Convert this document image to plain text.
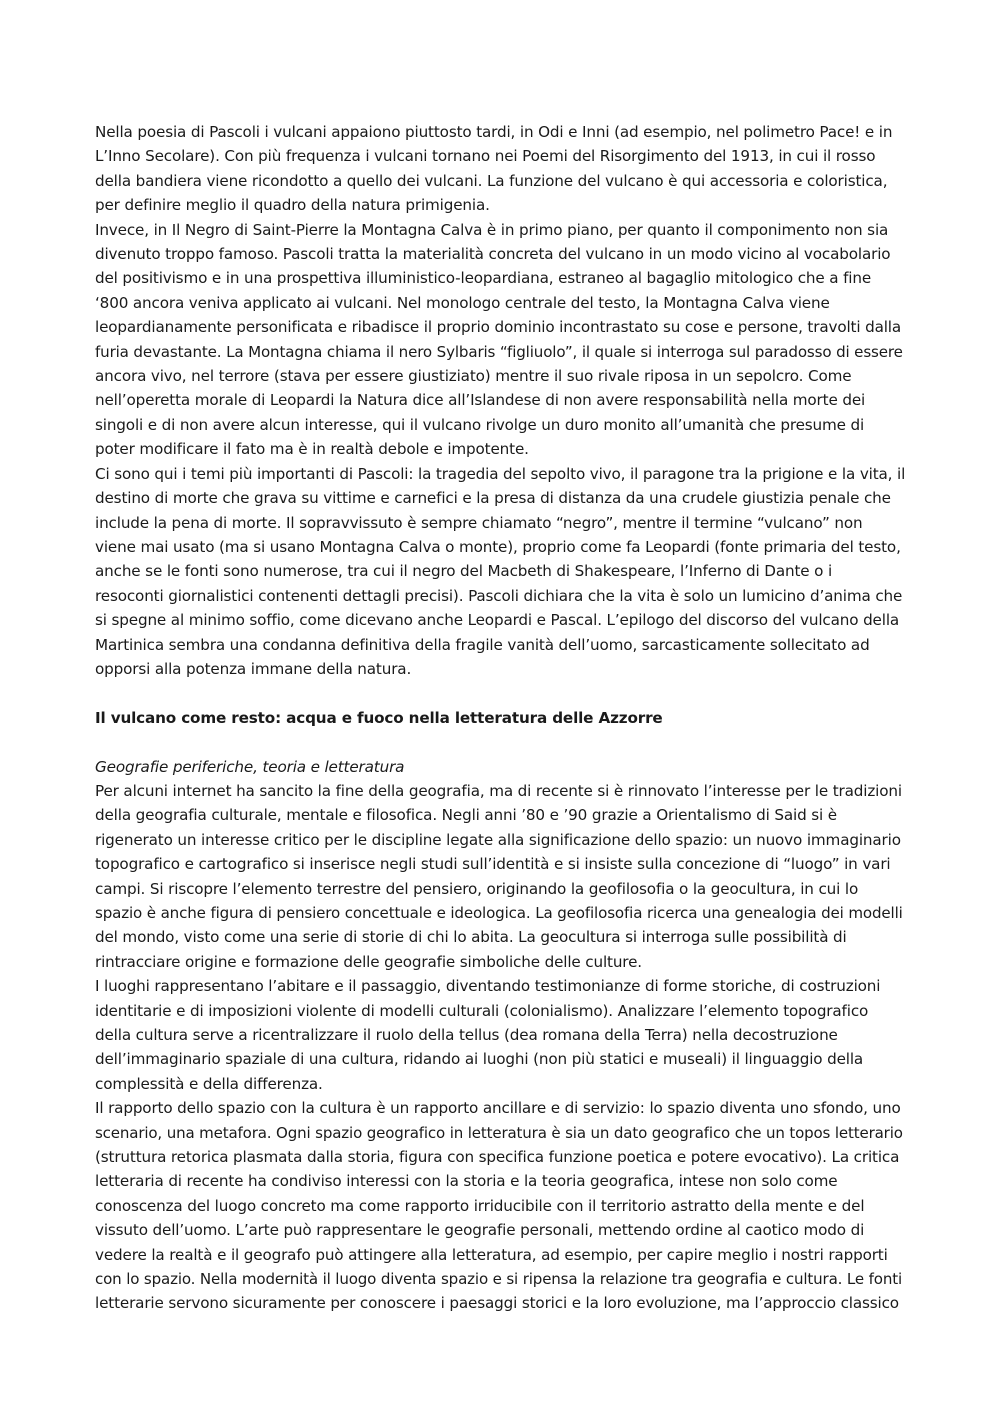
Nella poesia di Pascoli i vulcani appaiono piuttosto tardi, in Odi e Inni (ad esempio, nel polimetro Pace! e in
L’Inno Secolare). Con più frequenza i vulcani tornano nei Poemi del Risorgimento del 1913, in cui il rosso
della bandiera viene ricondotto a quello dei vulcani. La funzione del vulcano è qui accessoria e coloristica,
per definire meglio il quadro della natura primigenia.
Invece, in Il Negro di Saint-Pierre la Montagna Calva è in primo piano, per quanto il componimento non sia
divenuto troppo famoso. Pascoli tratta la materialità concreta del vulcano in un modo vicino al vocabolario
del positivismo e in una prospettiva illuministico-leopardiana, estraneo al bagaglio mitologico che a fine
‘800 ancora veniva applicato ai vulcani. Nel monologo centrale del testo, la Montagna Calva viene
leopardianamente personificata e ribadisce il proprio dominio incontrastato su cose e persone, travolti dalla
furia devastante. La Montagna chiama il nero Sylbaris “figliuolo”, il quale si interroga sul paradosso di essere
ancora vivo, nel terrore (stava per essere giustiziato) mentre il suo rivale riposa in un sepolcro. Come
nell’operetta morale di Leopardi la Natura dice all’Islandese di non avere responsabilità nella morte dei
singoli e di non avere alcun interesse, qui il vulcano rivolge un duro monito all’umanità che presume di
poter modificare il fato ma è in realtà debole e impotente.
Ci sono qui i temi più importanti di Pascoli: la tragedia del sepolto vivo, il paragone tra la prigione e la vita, il
destino di morte che grava su vittime e carnefici e la presa di distanza da una crudele giustizia penale che
include la pena di morte. Il sopravvissuto è sempre chiamato “negro”, mentre il termine “vulcano” non
viene mai usato (ma si usano Montagna Calva o monte), proprio come fa Leopardi (fonte primaria del testo,
anche se le fonti sono numerose, tra cui il negro del Macbeth di Shakespeare, l’Inferno di Dante o i
resoconti giornalistici contenenti dettagli precisi). Pascoli dichiara che la vita è solo un lumicino d’anima che
si spegne al minimo soffio, come dicevano anche Leopardi e Pascal. L’epilogo del discorso del vulcano della
Martinica sembra una condanna definitiva della fragile vanità dell’uomo, sarcasticamente sollecitato ad
opporsi alla potenza immane della natura.
Il vulcano come resto: acqua e fuoco nella letteratura delle Azzorre
Geografie periferiche, teoria e letteratura
Per alcuni internet ha sancito la fine della geografia, ma di recente si è rinnovato l’interesse per le tradizioni
della geografia culturale, mentale e filosofica. Negli anni ’80 e ’90 grazie a Orientalismo di Said si è
rigenerato un interesse critico per le discipline legate alla significazione dello spazio: un nuovo immaginario
topografico e cartografico si inserisce negli studi sull’identità e si insiste sulla concezione di “luogo” in vari
campi. Si riscopre l’elemento terrestre del pensiero, originando la geofilosofia o la geocultura, in cui lo
spazio è anche figura di pensiero concettuale e ideologica. La geofilosofia ricerca una genealogia dei modelli
del mondo, visto come una serie di storie di chi lo abita. La geocultura si interroga sulle possibilità di
rintracciare origine e formazione delle geografie simboliche delle culture.
I luoghi rappresentano l’abitare e il passaggio, diventando testimonianze di forme storiche, di costruzioni
identitarie e di imposizioni violente di modelli culturali (colonialismo). Analizzare l’elemento topografico
della cultura serve a ricentralizzare il ruolo della tellus (dea romana della Terra) nella decostruzione
dell’immaginario spaziale di una cultura, ridando ai luoghi (non più statici e museali) il linguaggio della
complessità e della differenza.
Il rapporto dello spazio con la cultura è un rapporto ancillare e di servizio: lo spazio diventa uno sfondo, uno
scenario, una metafora. Ogni spazio geografico in letteratura è sia un dato geografico che un topos letterario
(struttura retorica plasmata dalla storia, figura con specifica funzione poetica e potere evocativo). La critica
letteraria di recente ha condiviso interessi con la storia e la teoria geografica, intese non solo come
conoscenza del luogo concreto ma come rapporto irriducibile con il territorio astratto della mente e del
vissuto dell’uomo. L’arte può rappresentare le geografie personali, mettendo ordine al caotico modo di
vedere la realtà e il geografo può attingere alla letteratura, ad esempio, per capire meglio i nostri rapporti
con lo spazio. Nella modernità il luogo diventa spazio e si ripensa la relazione tra geografia e cultura. Le fonti
letterarie servono sicuramente per conoscere i paesaggi storici e la loro evoluzione, ma l’approccio classico
